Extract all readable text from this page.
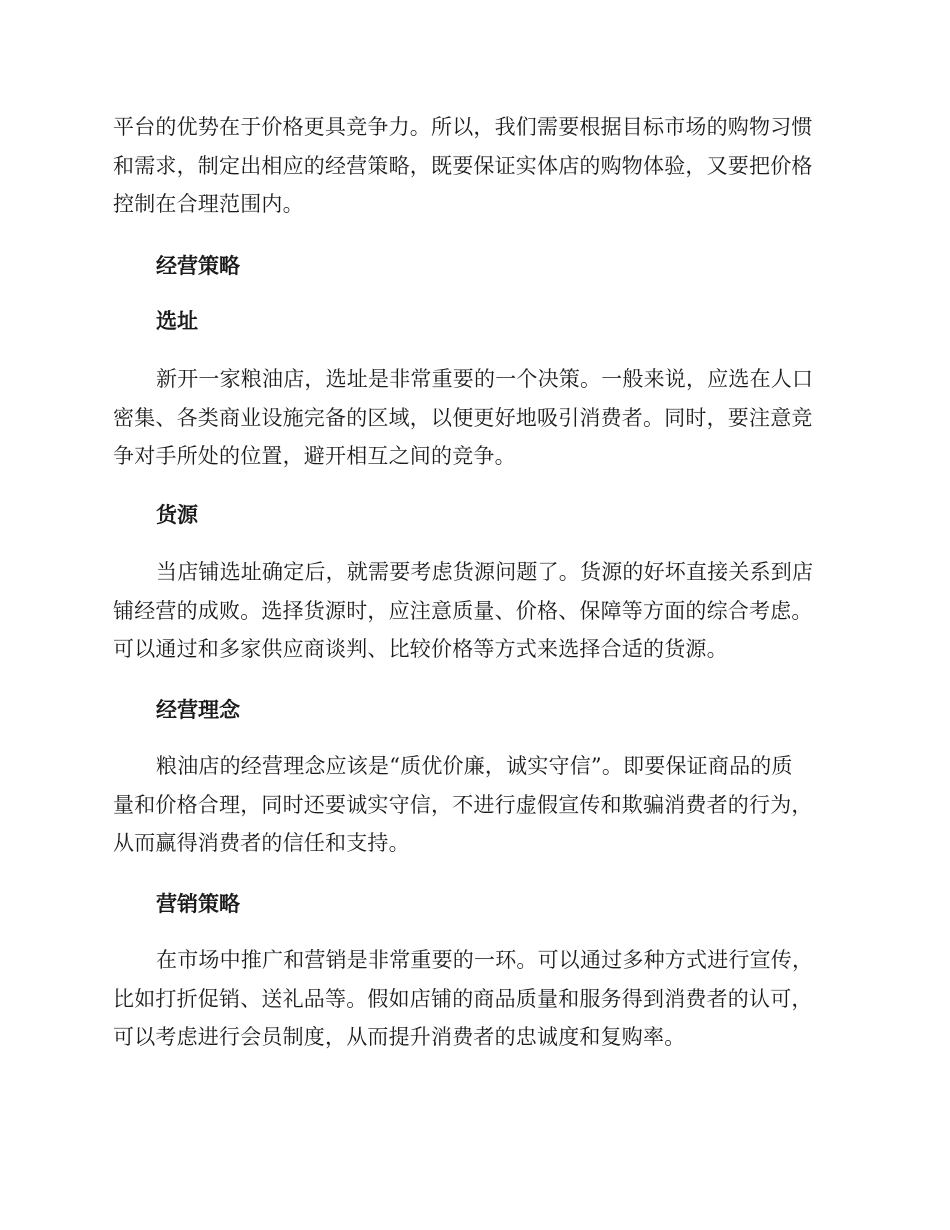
平台的优势在于价格更具竞争力。所以，我们需要根据目标市场的购物习惯
和需求，制定出相应的经营策略，既要保证实体店的购物体验，又要把价格
控制在合理范围内。
经营策略
选址
新开一家粮油店，选址是非常重要的一个决策。一般来说，应选在人口
密集、各类商业设施完备的区域，以便更好地吸引消费者。同时，要注意竞
争对手所处的位置，避开相互之间的竞争。
货源
当店铺选址确定后，就需要考虑货源问题了。货源的好坏直接关系到店
铺经营的成败。选择货源时，应注意质量、价格、保障等方面的综合考虑。
可以通过和多家供应商谈判、比较价格等方式来选择合适的货源。
经营理念
粮油店的经营理念应该是“质优价廉，诚实守信”。即要保证商品的质
量和价格合理，同时还要诚实守信，不进行虚假宣传和欺骗消费者的行为，
从而赢得消费者的信任和支持。
营销策略
在市场中推广和营销是非常重要的一环。可以通过多种方式进行宣传，
比如打折促销、送礼品等。假如店铺的商品质量和服务得到消费者的认可，
可以考虑进行会员制度，从而提升消费者的忠诚度和复购率。
